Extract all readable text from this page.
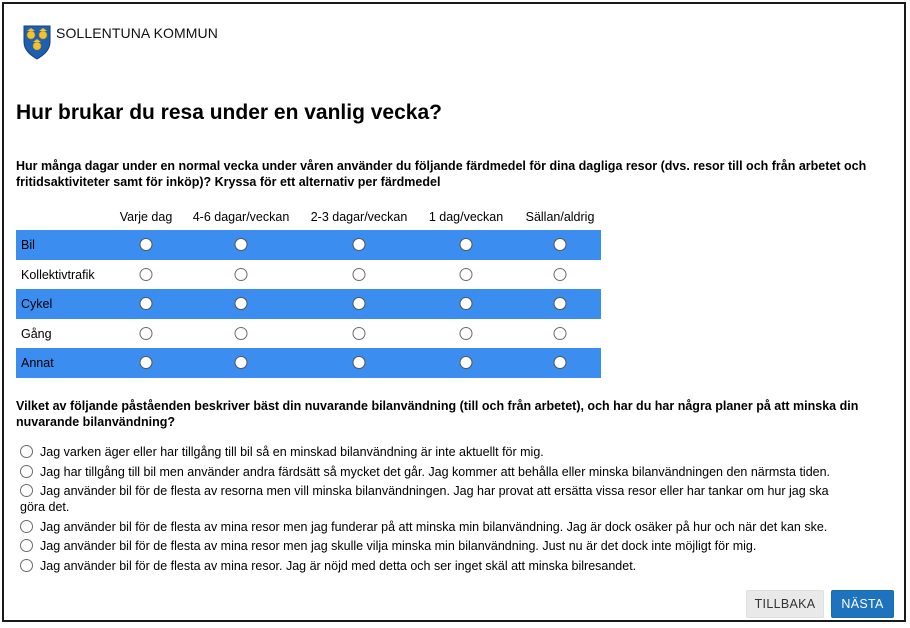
SOLLENTUNA KOMMUN
Hur brukar du resa under en vanlig vecka?
Hur många dagar under en normal vecka under våren använder du följande färdmedel för dina dagliga resor (dvs. resor till och från arbetet och fritidsaktiviteter samt för inköp)? Kryssa för ett alternativ per färdmedel
Varje dag 4-6 dagar/veckan 2-3 dagar/veckan 1 dag/veckan Sällan/aldrig
Bil
Kollektivtrafik
Cykel
Gång
Annat
Vilket av följande påståenden beskriver bäst din nuvarande bilanvändning (till och från arbetet), och har du har några planer på att minska din nuvarande bilanvändning?
Jag varken äger eller har tillgång till bil så en minskad bilanvändning är inte aktuellt för mig.
Jag har tillgång till bil men använder andra färdsätt så mycket det går. Jag kommer att behålla eller minska bilanvändningen den närmsta tiden.
Jag använder bil för de flesta av resorna men vill minska bilanvändningen. Jag har provat att ersätta vissa resor eller har tankar om hur jag ska
göra det.
Jag använder bil för de flesta av mina resor men jag funderar på att minska min bilanvändning. Jag är dock osäker på hur och när det kan ske.
Jag använder bil för de flesta av mina resor men jag skulle vilja minska min bilanvändning. Just nu är det dock inte möjligt för mig.
Jag använder bil för de flesta av mina resor. Jag är nöjd med detta och ser inget skäl att minska bilresandet.
TILLBAKA	NÄSTA
